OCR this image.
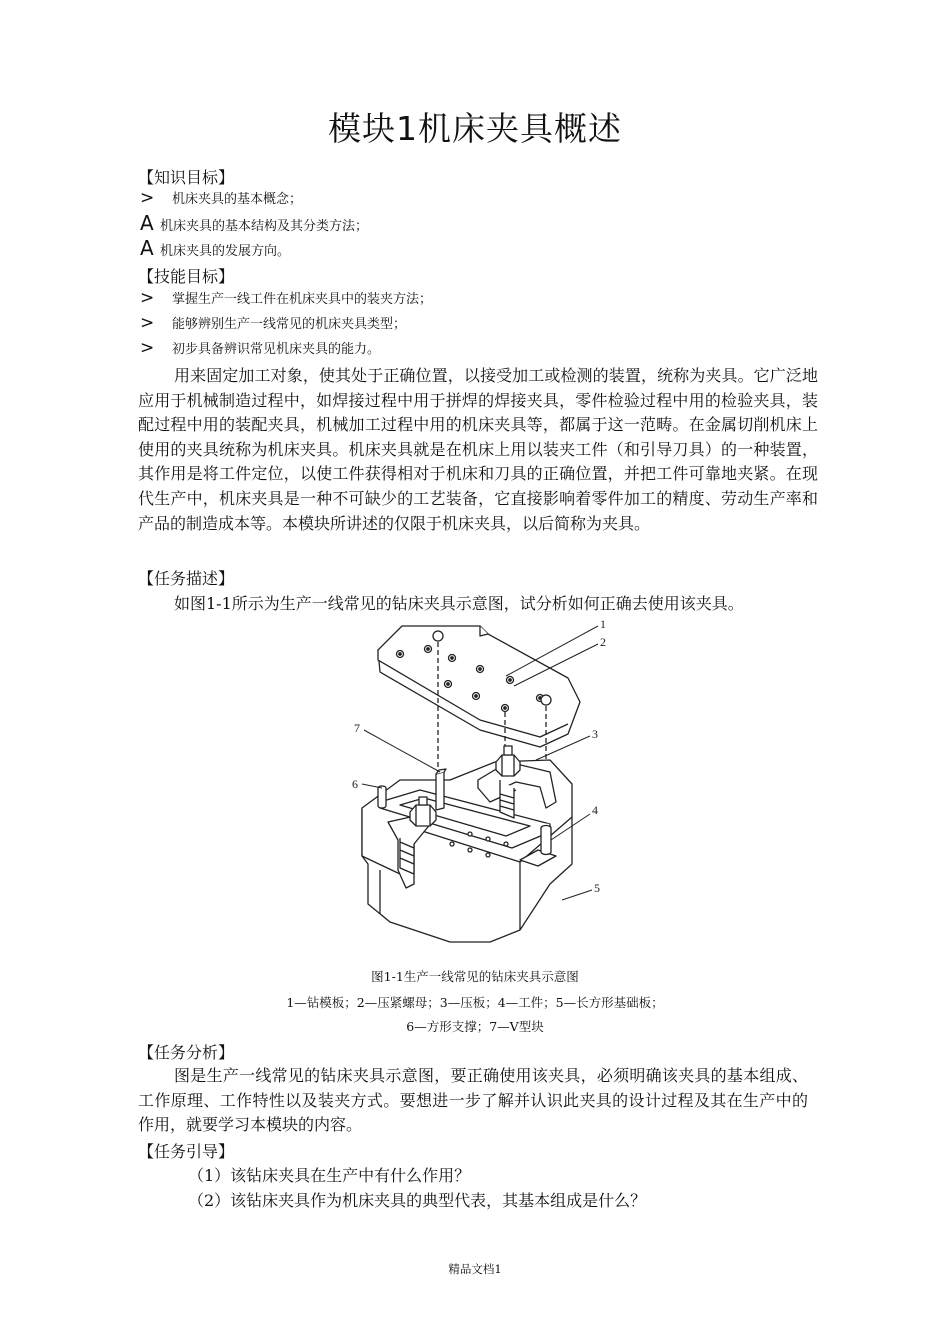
模块1机床夹具概述
【知识目标】
> 机床夹具的基本概念；
A机床夹具的基本结构及其分类方法；
A机床夹具的发展方向。
【技能目标】
> 掌握生产一线工件在机床夹具中的装夹方法；
> 能够辨别生产一线常见的机床夹具类型；
> 初步具备辨识常见机床夹具的能力。

用来固定加工对象，使其处于正确位置，以接受加工或检测的装置，统称为夹具。它广泛地应用于机械制造过程中，如焊接过程中用于拼焊的焊接夹具，零件检验过程中用的检验夹具，装配过程中用的装配夹具，机械加工过程中用的机床夹具等，都属于这一范畴。在金属切削机床上使用的夹具统称为机床夹具。机床夹具就是在机床上用以装夹工件（和引导刀具）的一种装置，其作用是将工件定位，以使工件获得相对于机床和刀具的正确位置，并把工件可靠地夹紧。在现代生产中，机床夹具是一种不可缺少的工艺装备，它直接影响着零件加工的精度、劳动生产率和产品的制造成本等。本模块所讲述的仅限于机床夹具，以后简称为夹具。

【任务描述】
如图1-1所示为生产一线常见的钻床夹具示意图，试分析如何正确去使用该夹具。
1
2
3
4
5
6
7
图1-1生产一线常见的钻床夹具示意图
1—钻模板；2—压紧螺母；3—压板；4—工件；5—长方形基础板；
6—方形支撑；7—V型块
【任务分析】

图是生产一线常见的钻床夹具示意图，要正确使用该夹具，必须明确该夹具的基本组成、工作原理、工作特性以及装夹方式。要想进一步了解并认识此夹具的设计过程及其在生产中的作用，就要学习本模块的内容。

【任务引导】
（1）该钻床夹具在生产中有什么作用？
（2）该钻床夹具作为机床夹具的典型代表，其基本组成是什么？
精品文档1
